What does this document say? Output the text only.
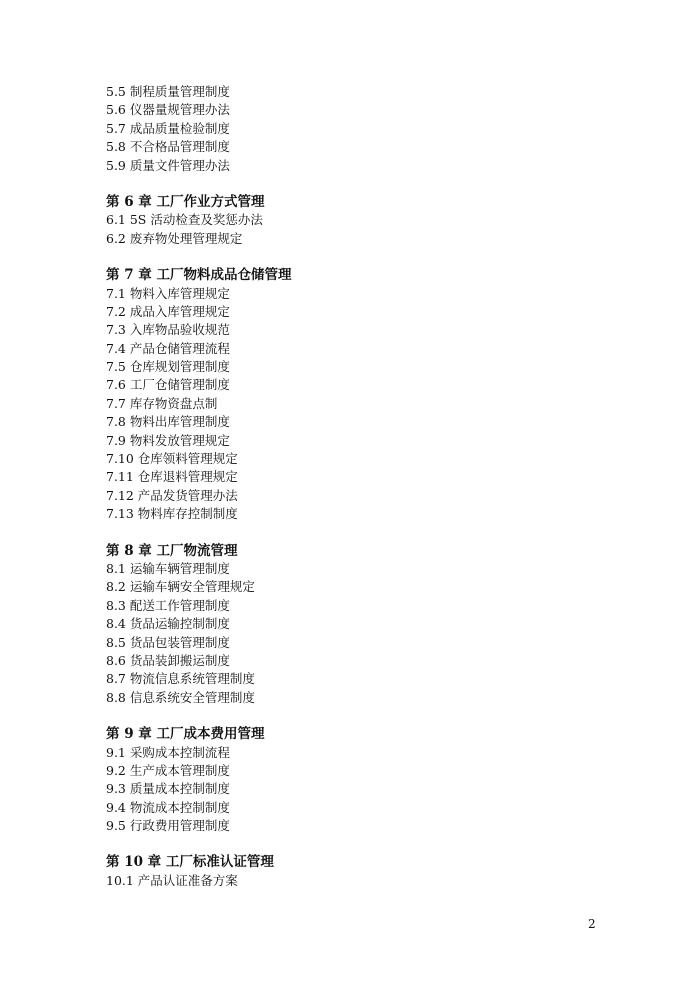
5.5 制程质量管理制度
5.6 仪器量规管理办法
5.7 成品质量检验制度
5.8 不合格品管理制度
5.9 质量文件管理办法
第 6 章 工厂作业方式管理
6.1 5S 活动检查及奖惩办法
6.2 废弃物处理管理规定
第 7 章 工厂物料成品仓储管理
7.1 物料入库管理规定
7.2 成品入库管理规定
7.3 入库物品验收规范
7.4 产品仓储管理流程
7.5 仓库规划管理制度
7.6 工厂仓储管理制度
7.7 库存物资盘点制
7.8 物料出库管理制度
7.9 物料发放管理规定
7.10 仓库领料管理规定
7.11 仓库退料管理规定
7.12 产品发货管理办法
7.13 物料库存控制制度
第 8 章 工厂物流管理
8.1 运输车辆管理制度
8.2 运输车辆安全管理规定
8.3 配送工作管理制度
8.4 货品运输控制制度
8.5 货品包装管理制度
8.6 货品装卸搬运制度
8.7 物流信息系统管理制度
8.8 信息系统安全管理制度
第 9 章 工厂成本费用管理
9.1 采购成本控制流程
9.2 生产成本管理制度
9.3 质量成本控制制度
9.4 物流成本控制制度
9.5 行政费用管理制度
第 10 章 工厂标准认证管理
10.1 产品认证准备方案
2
